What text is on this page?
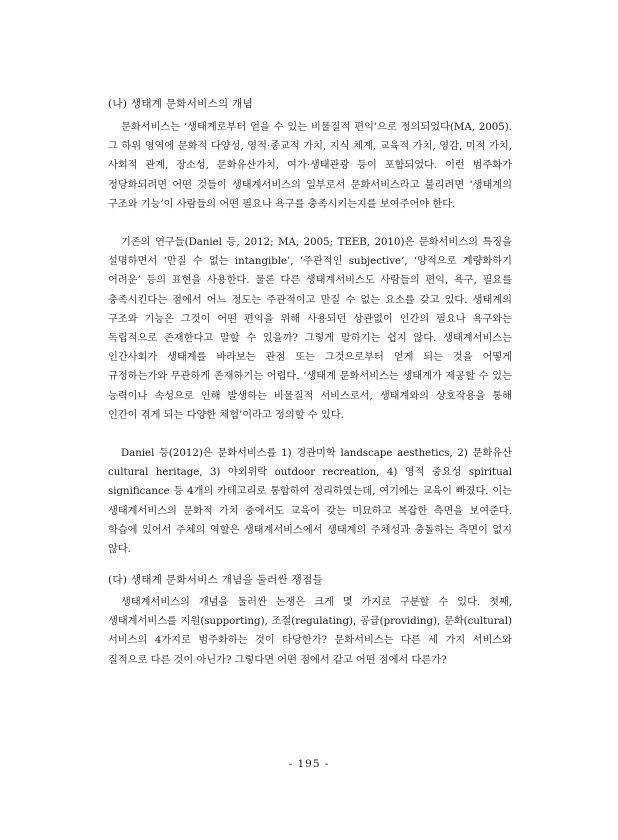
(나) 생태계 문화서비스의 개념

문화서비스는 ‘생태계로부터 얻을 수 있는 비물질적 편익’으로 정의되었다(MA, 2005). 그 하위 영역에 문화적 다양성, 영적·종교적 가치, 지식 체계, 교육적 가치, 영감, 미적 가치, 사회적 관계, 장소성, 문화유산가치, 여가·생태관광 등이 포함되었다. 이런 범주화가 정당화되려면 어떤 것들이 생태계서비스의 일부로서 문화서비스라고 불리려면 ‘생태계의 구조와 기능’이 사람들의 어떤 필요나 욕구를 충족시키는지를 보여주어야 한다.

기존의 연구들(Daniel 등, 2012; MA, 2005; TEEB, 2010)은 문화서비스의 특징을 설명하면서 ‘만질 수 없는 intangible’, ‘주관적인 subjective’, ‘양적으로 계량화하기 어려운’ 등의 표현을 사용한다. 물론 다른 생태계서비스도 사람들의 편익, 욕구, 필요를 충족시킨다는 점에서 어느 정도는 주관적이고 만질 수 없는 요소를 갖고 있다. 생태계의 구조와 기능은 그것이 어떤 편익을 위해 사용되던 상관없이 인간의 필요나 욕구와는 독립적으로 존재한다고 말할 수 있을까? 그렇게 말하기는 쉽지 않다. 생태계서비스는 인간사회가 생태계를 바라보는 관점 또는 그것으로부터 얻게 되는 것을 어떻게 규정하는가와 무관하게 존재하기는 어렵다. ‘생태계 문화서비스는 생태계가 제공할 수 있는 능력이나 속성으로 인해 발생하는 비물질적 서비스로서, 생태계와의 상호작용을 통해 인간이 겪게 되는 다양한 체험’이라고 정의할 수 있다.

Daniel 등(2012)은 문화서비스를 1) 경관미학 landscape aesthetics, 2) 문화유산 cultural heritage, 3) 야외위락 outdoor recreation, 4) 영적 중요성 spiritual significance 등 4개의 카테고리로 통합하여 정리하였는데, 여기에는 교육이 빠졌다. 이는 생태계서비스의 문화적 가치 중에서도 교육이 갖는 미묘하고 복잡한 측면을 보여준다. 학습에 있어서 주체의 역할은 생태계서비스에서 생태계의 주체성과 충돌하는 측면이 없지 않다.

(다) 생태계 문화서비스 개념을 둘러싼 쟁점들

생태계서비스의 개념을 둘러싼 논쟁은 크게 몇 가지로 구분할 수 있다. 첫째, 생태계서비스를 지원(supporting), 조절(regulating), 공급(providing), 문화(cultural) 서비스의 4가지로 범주화하는 것이 타당한가? 문화서비스는 다른 세 가지 서비스와 질적으로 다른 것이 아닌가? 그렇다면 어떤 점에서 같고 어떤 점에서 다른가?

- 195 -
